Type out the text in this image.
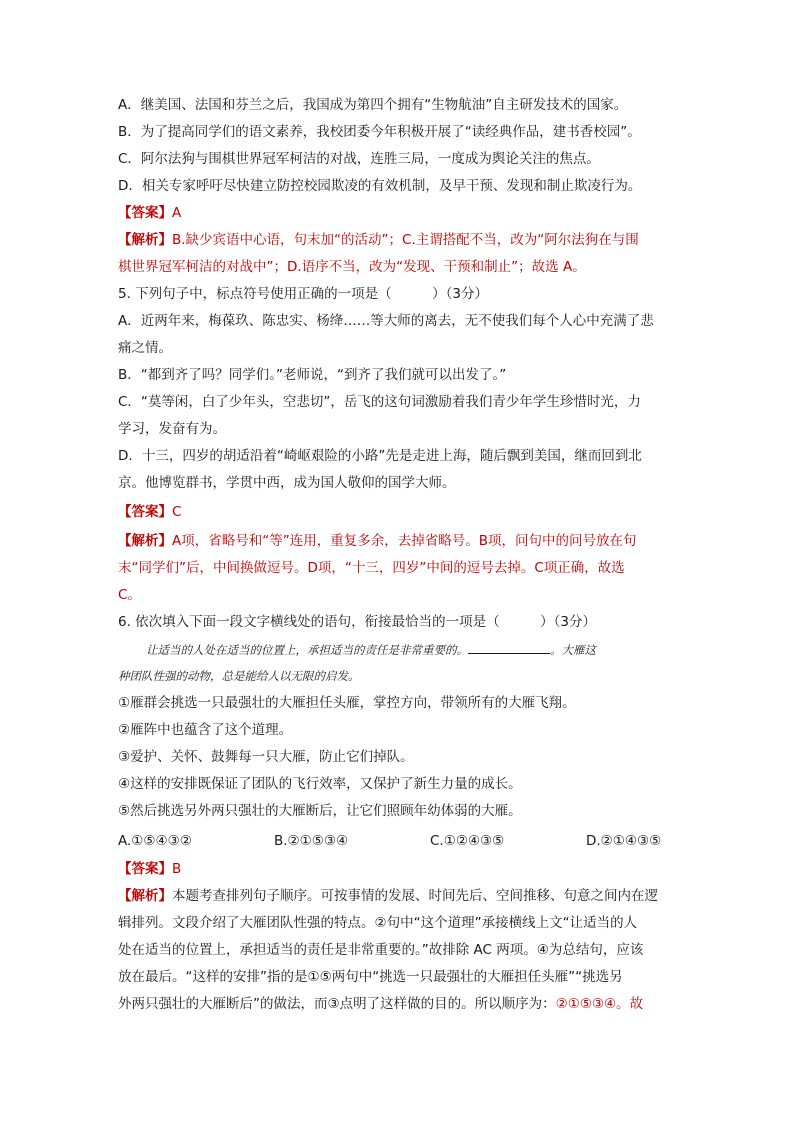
A．继美国、法国和芬兰之后，我国成为第四个拥有“生物航油”自主研发技术的国家。
B．为了提高同学们的语文素养，我校团委今年积极开展了“读经典作品，建书香校园”。
C．阿尔法狗与围棋世界冠军柯洁的对战，连胜三局，一度成为舆论关注的焦点。
D．相关专家呼吁尽快建立防控校园欺凌的有效机制，及早干预、发现和制止欺凌行为。
【答案】A
【解析】B.缺少宾语中心语，句末加“的活动”；C.主谓搭配不当，改为“阿尔法狗在与围
棋世界冠军柯洁的对战中”；D.语序不当，改为“发现、干预和制止”；故选 A。
5. 下列句子中，标点符号使用正确的一项是（　　　）（3分）
A．近两年来，梅葆玖、陈忠实、杨绛……等大师的离去，无不使我们每个人心中充满了悲
痛之情。
B．“都到齐了吗？同学们。”老师说，“到齐了我们就可以出发了。”
C．“莫等闲，白了少年头，空悲切”，岳飞的这句词激励着我们青少年学生珍惜时光，力
学习，发奋有为。
D．十三，四岁的胡适沿着“崎岖艰险的小路”先是走进上海，随后飘到美国，继而回到北
京。他博览群书，学贯中西，成为国人敬仰的国学大师。
【答案】C
【解析】A项，省略号和“等”连用，重复多余，去掉省略号。B项，问句中的问号放在句
末“同学们”后，中间换做逗号。D项，“十三，四岁”中间的逗号去掉。C项正确，故选
C。
6. 依次填入下面一段文字横线处的语句，衔接最恰当的一项是（　　　）（3分）
让适当的人处在适当的位置上，承担适当的责任是非常重要的。	。大雁这
种团队性强的动物，总是能给人以无限的启发。
①雁群会挑选一只最强壮的大雁担任头雁，掌控方向，带领所有的大雁飞翔。
②雁阵中也蕴含了这个道理。
③爱护、关怀、鼓舞每一只大雁，防止它们掉队。
④这样的安排既保证了团队的飞行效率，又保护了新生力量的成长。
⑤然后挑选另外两只强壮的大雁断后，让它们照顾年幼体弱的大雁。
A.①⑤④③②	B.②①⑤③④	C.①②④③⑤	D.②①④③⑤
【答案】B
【解析】本题考查排列句子顺序。可按事情的发展、时间先后、空间推移、句意之间内在逻
辑排列。文段介绍了大雁团队性强的特点。②句中“这个道理”承接横线上文“让适当的人
处在适当的位置上，承担适当的责任是非常重要的。”故排除 AC 两项。④为总结句，应该
放在最后。“这样的安排”指的是①⑤两句中“挑选一只最强壮的大雁担任头雁”“挑选另
外两只强壮的大雁断后”的做法，而③点明了这样做的目的。所以顺序为：②①⑤③④。故
